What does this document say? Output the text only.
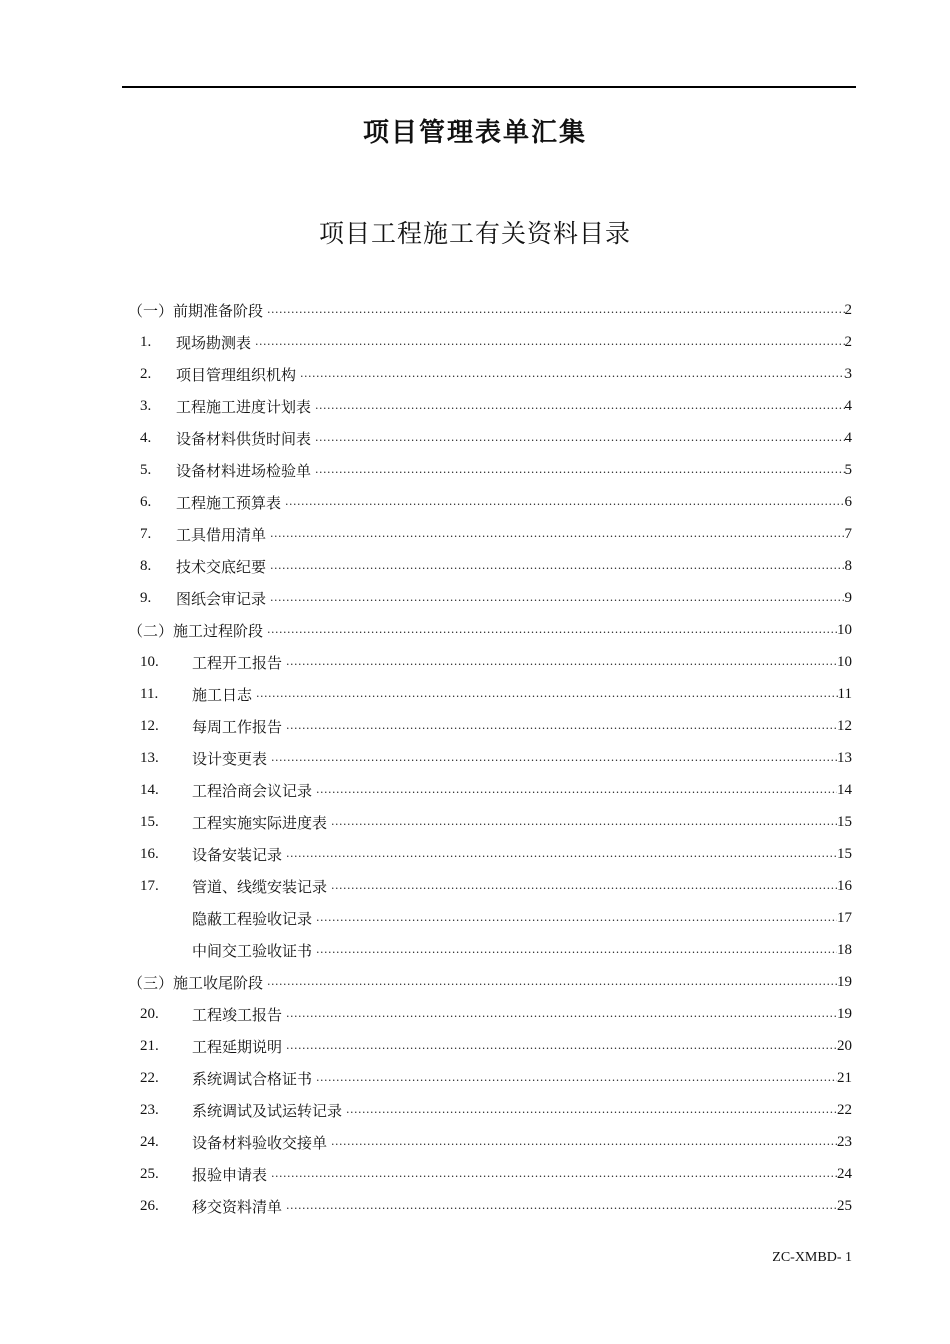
项目管理表单汇集
项目工程施工有关资料目录
（一）前期准备阶段 .....	2
1.	现场勘测表 .....	2
2.	项目管理组织机构 .....	3
3.	工程施工进度计划表 .....	4
4.	设备材料供货时间表 .....	4
5.	设备材料进场检验单 .....	5
6.	工程施工预算表 .....	6
7.	工具借用清单 .....	7
8.	技术交底纪要 .....	8
9.	图纸会审记录 .....	9
（二）施工过程阶段 .....	10
10.	工程开工报告 .....	10
11.	施工日志 .....	11
12.	每周工作报告 .....	12
13.	设计变更表 .....	13
14.	工程洽商会议记录 .....	14
15.	工程实施实际进度表 .....	15
16.	设备安装记录 .....	15
17.	管道、线缆安装记录 .....	16
隐蔽工程验收记录 .....	17
中间交工验收证书 .....	18
（三）施工收尾阶段 .....	19
20.	工程竣工报告 .....	19
21.	工程延期说明 .....	20
22.	系统调试合格证书 .....	21
23.	系统调试及试运转记录 .....	22
24.	设备材料验收交接单 .....	23
25.	报验申请表 .....	24
26.	移交资料清单 .....	25
ZC-XMBD- 1
